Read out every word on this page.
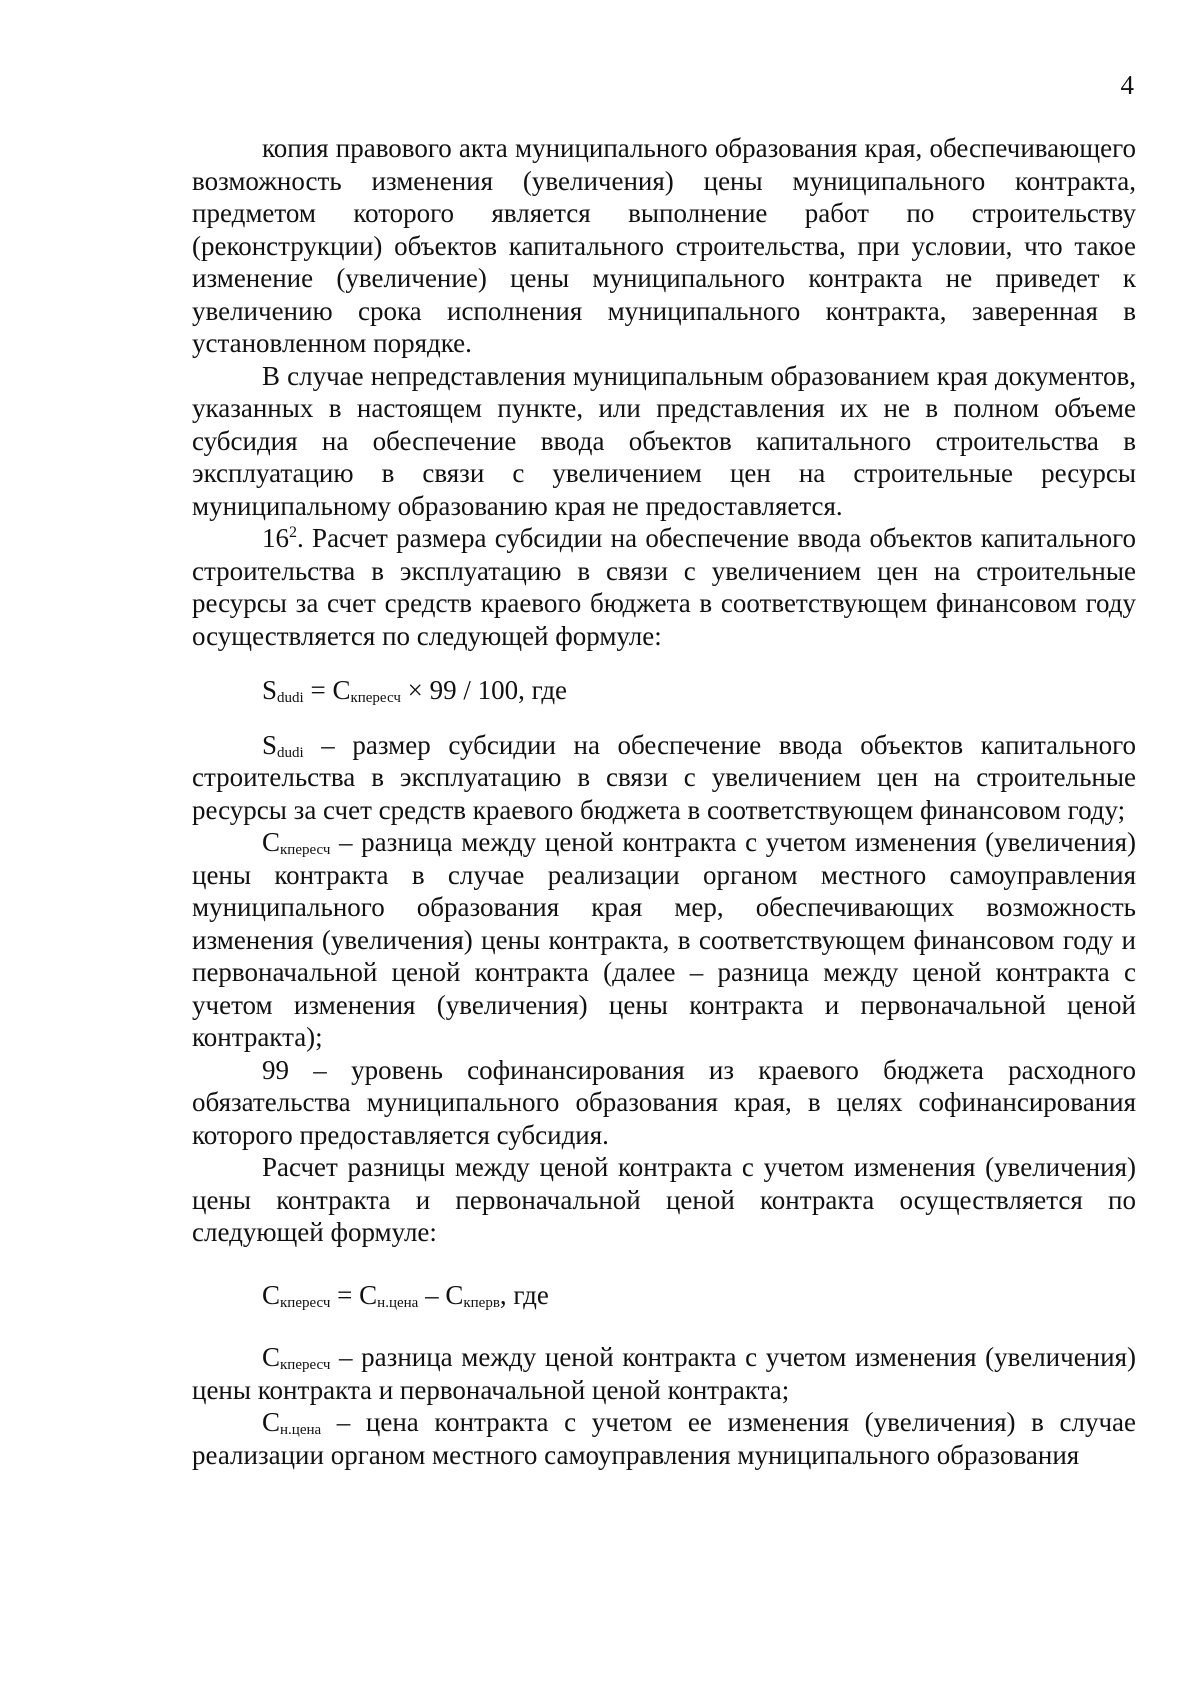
4

копия правового акта муниципального образования края, обеспечивающего возможность изменения (увеличения) цены муниципального контракта, предметом которого является выполнение работ по строительству (реконструкции) объектов капитального строительства, при условии, что такое изменение (увеличение) цены муниципального контракта не приведет к увеличению срока исполнения муниципального контракта, заверенная в установленном порядке.

В случае непредставления муниципальным образованием края документов, указанных в настоящем пункте, или представления их не в полном объеме субсидия на обеспечение ввода объектов капитального строительства в эксплуатацию в связи с увеличением цен на строительные ресурсы муниципальному образованию края не предоставляется.

$16^2$. Расчет размера субсидии на обеспечение ввода объектов капитального строительства в эксплуатацию в связи с увеличением цен на строительные ресурсы за счет средств краевого бюджета в соответствующем финансовом году осуществляется по следующей формуле:

$S_{dudi} = C_{кпересч} \times 99 / 100$, где

$S_{dudi}$ – размер субсидии на обеспечение ввода объектов капитального строительства в эксплуатацию в связи с увеличением цен на строительные ресурсы за счет средств краевого бюджета в соответствующем финансовом году;

$C_{кпересч}$ – разница между ценой контракта с учетом изменения (увеличения) цены контракта в случае реализации органом местного самоуправления муниципального образования края мер, обеспечивающих возможность изменения (увеличения) цены контракта, в соответствующем финансовом году и первоначальной ценой контракта (далее – разница между ценой контракта с учетом изменения (увеличения) цены контракта и первоначальной ценой контракта);

99 – уровень софинансирования из краевого бюджета расходного обязательства муниципального образования края, в целях софинансирования которого предоставляется субсидия.

Расчет разницы между ценой контракта с учетом изменения (увеличения) цены контракта и первоначальной ценой контракта осуществляется по следующей формуле:

$C_{кпересч} = C_{н.цена} - C_{кперв}$, где

$C_{кпересч}$ – разница между ценой контракта с учетом изменения (увеличения) цены контракта и первоначальной ценой контракта;

$C_{н.цена}$ – цена контракта с учетом ее изменения (увеличения) в случае реализации органом местного самоуправления муниципального образования
